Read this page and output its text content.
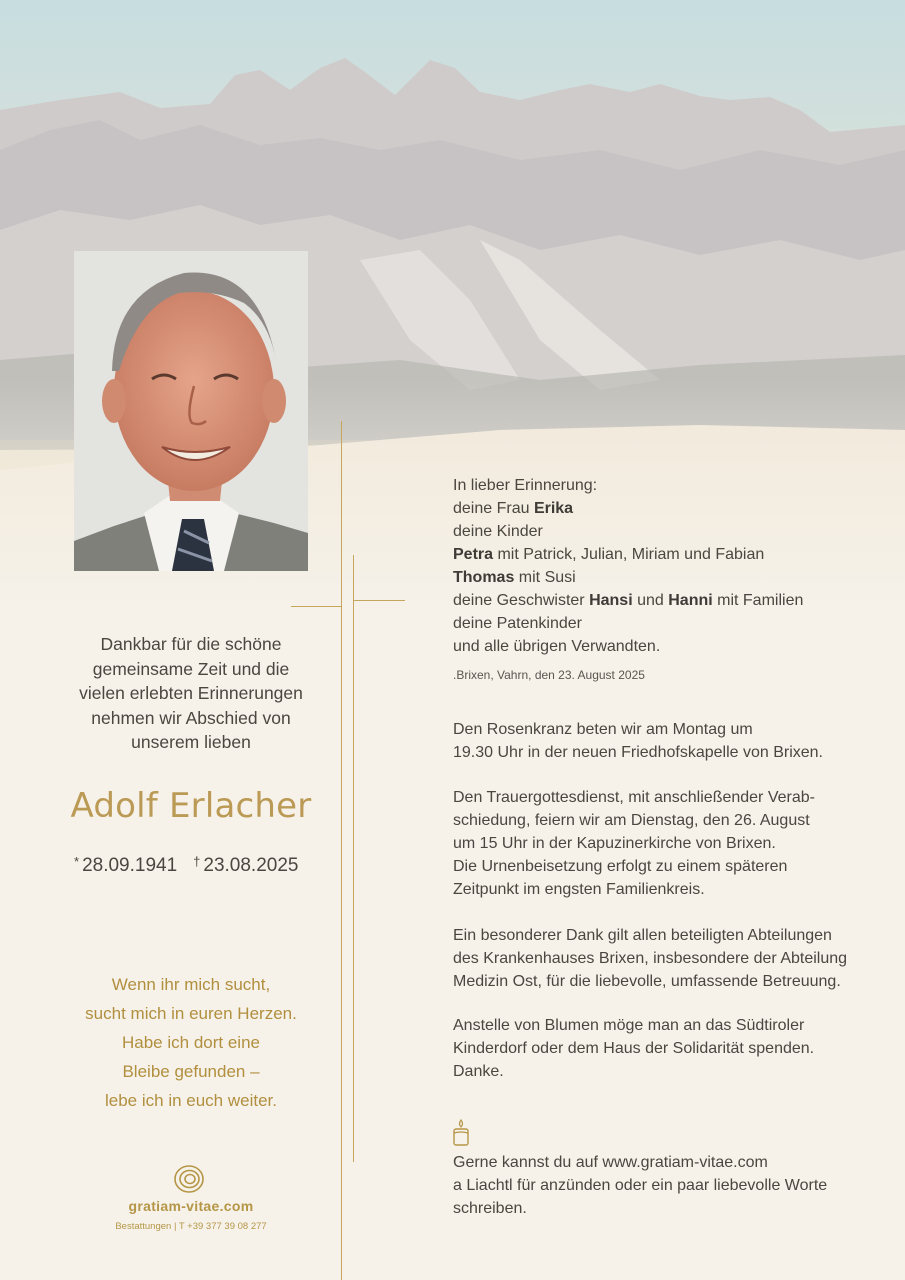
Dankbar für die schöne
gemeinsame Zeit und die
vielen erlebten Erinnerungen
nehmen wir Abschied von
unserem lieben
Adolf Erlacher
* 28.09.1941 † 23.08.2025
Wenn ihr mich sucht,
sucht mich in euren Herzen.
Habe ich dort eine
Bleibe gefunden –
lebe ich in euch weiter.
gratiam-vitae.com
Bestattungen | T +39 377 39 08 277
In lieber Erinnerung:
deine Frau Erika
deine Kinder
Petra mit Patrick, Julian, Miriam und Fabian
Thomas mit Susi
deine Geschwister Hansi und Hanni mit Familien
deine Patenkinder
und alle übrigen Verwandten.
.Brixen, Vahrn, den 23. August 2025
Den Rosenkranz beten wir am Montag um
19.30 Uhr in der neuen Friedhofskapelle von Brixen.
Den Trauergottesdienst, mit anschließender Verab-
schiedung, feiern wir am Dienstag, den 26. August
um 15 Uhr in der Kapuzinerkirche von Brixen.
Die Urnenbeisetzung erfolgt zu einem späteren
Zeitpunkt im engsten Familienkreis.
Ein besonderer Dank gilt allen beteiligten Abteilungen
des Krankenhauses Brixen, insbesondere der Abteilung
Medizin Ost, für die liebevolle, umfassende Betreuung.
Anstelle von Blumen möge man an das Südtiroler
Kinderdorf oder dem Haus der Solidarität spenden.
Danke.
Gerne kannst du auf www.gratiam-vitae.com
a Liachtl für anzünden oder ein paar liebevolle Worte
schreiben.
